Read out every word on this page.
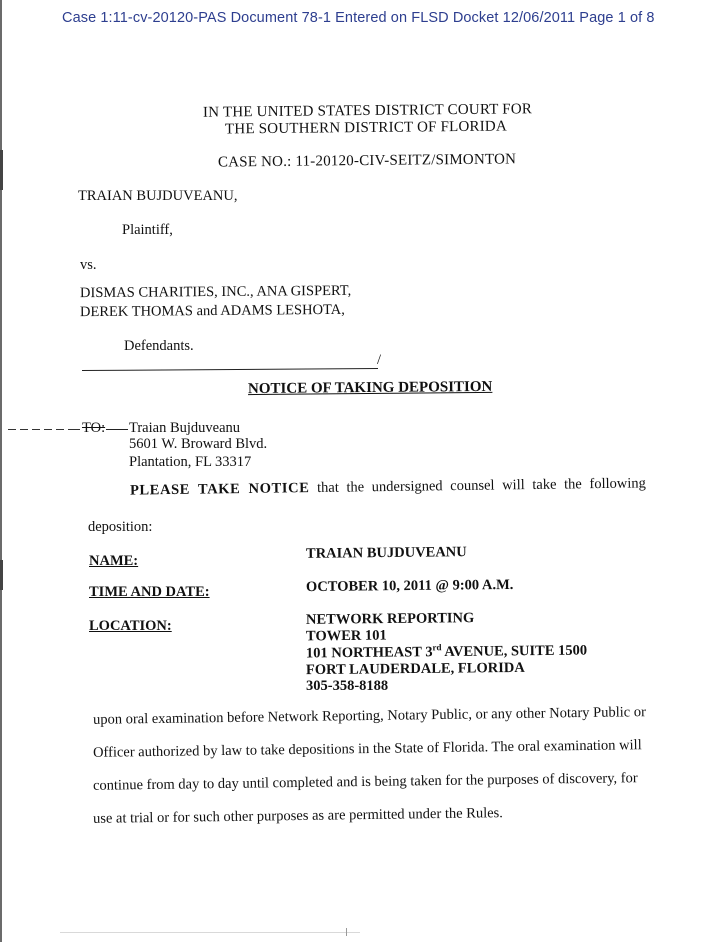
Case 1:11-cv-20120-PAS Document 78-1 Entered on FLSD Docket 12/06/2011 Page 1 of 8
IN THE UNITED STATES DISTRICT COURT FOR
THE SOUTHERN DISTRICT OF FLORIDA
CASE NO.: 11-20120-CIV-SEITZ/SIMONTON
TRAIAN BUJDUVEANU,
Plaintiff,
vs.
DISMAS CHARITIES, INC., ANA GISPERT,
DEREK THOMAS and ADAMS LESHOTA,
Defendants.
/
NOTICE OF TAKING DEPOSITION
TO: Traian Bujduveanu
5601 W. Broward Blvd.
Plantation, FL 33317
PLEASE TAKE NOTICE that the undersigned counsel will take the following
deposition:
NAME:	TRAIAN BUJDUVEANU
TIME AND DATE:	OCTOBER 10, 2011 @ 9:00 A.M.
LOCATION:	NETWORK REPORTING
TOWER 101
101 NORTHEAST 3rd AVENUE, SUITE 1500
FORT LAUDERDALE, FLORIDA
305-358-8188
upon oral examination before Network Reporting, Notary Public, or any other Notary Public or
Officer authorized by law to take depositions in the State of Florida. The oral examination will
continue from day to day until completed and is being taken for the purposes of discovery, for
use at trial or for such other purposes as are permitted under the Rules.
